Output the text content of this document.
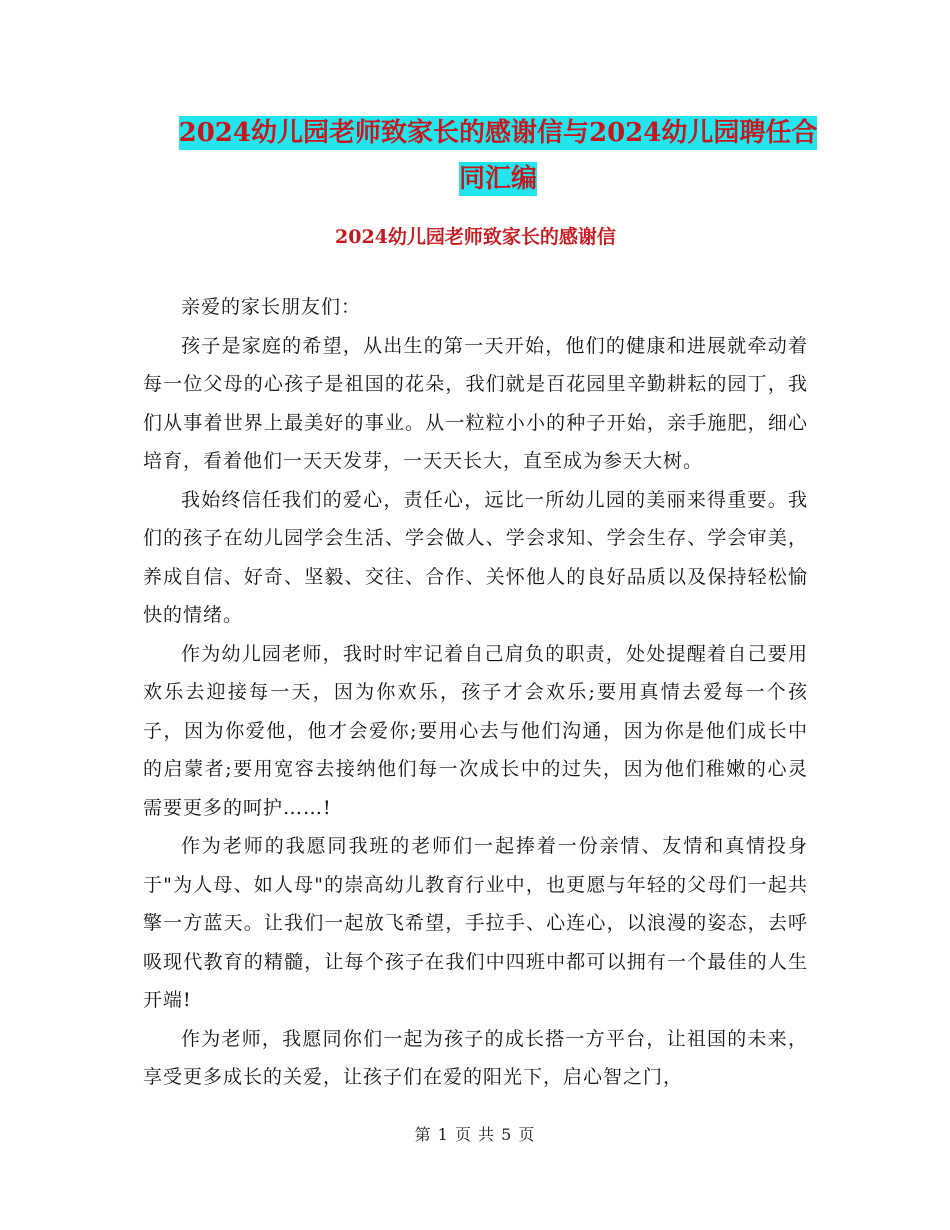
2024幼儿园老师致家长的感谢信与2024幼儿园聘任合
同汇编
2024幼儿园老师致家长的感谢信

亲爱的家长朋友们：

孩子是家庭的希望，从出生的第一天开始，他们的健康和进展就牵动着每一位父母的心孩子是祖国的花朵，我们就是百花园里辛勤耕耘的园丁，我们从事着世界上最美好的事业。从一粒粒小小的种子开始，亲手施肥，细心培育，看着他们一天天发芽，一天天长大，直至成为参天大树。

我始终信任我们的爱心，责任心，远比一所幼儿园的美丽来得重要。我们的孩子在幼儿园学会生活、学会做人、学会求知、学会生存、学会审美，养成自信、好奇、坚毅、交往、合作、关怀他人的良好品质以及保持轻松愉快的情绪。

作为幼儿园老师，我时时牢记着自己肩负的职责，处处提醒着自己要用欢乐去迎接每一天，因为你欢乐，孩子才会欢乐;要用真情去爱每一个孩子，因为你爱他，他才会爱你;要用心去与他们沟通，因为你是他们成长中的启蒙者;要用宽容去接纳他们每一次成长中的过失，因为他们稚嫩的心灵需要更多的呵护……!

作为老师的我愿同我班的老师们一起捧着一份亲情、友情和真情投身于"为人母、如人母"的崇高幼儿教育行业中，也更愿与年轻的父母们一起共擎一方蓝天。让我们一起放飞希望，手拉手、心连心，以浪漫的姿态，去呼吸现代教育的精髓，让每个孩子在我们中四班中都可以拥有一个最佳的人生开端!

作为老师，我愿同你们一起为孩子的成长搭一方平台，让祖国的未来，享受更多成长的关爱，让孩子们在爱的阳光下，启心智之门，

第 1 页 共 5 页
